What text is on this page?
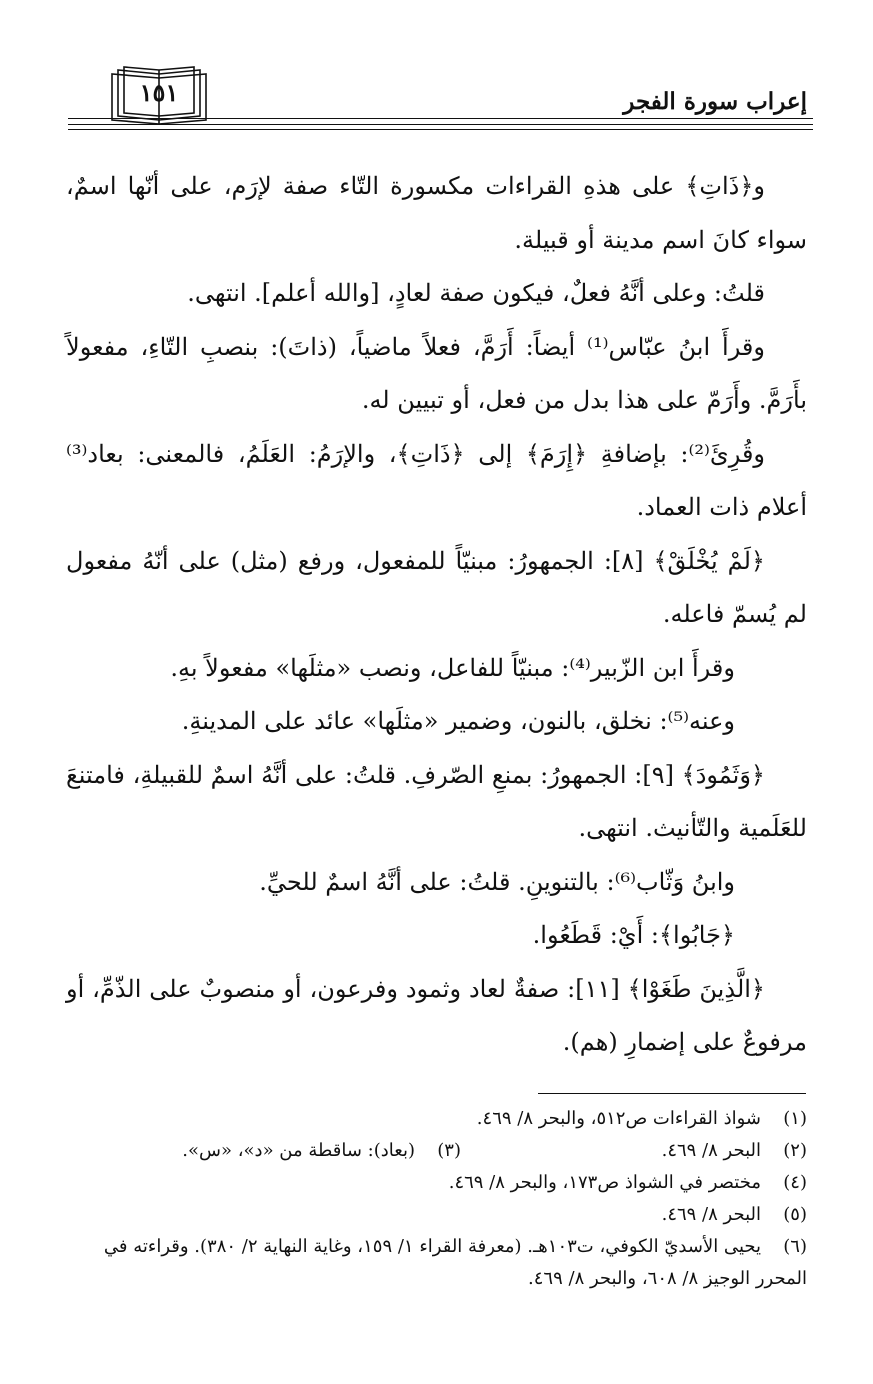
إعراب سورة الفجر
١٥١

و﴿ذَاتِ﴾ على هذهِ القراءات مكسورة التّاء صفة لإرَم، على أنّها اسمٌ، سواء كانَ اسم مدينة أو قبيلة.

قلتُ: وعلى أنَّهُ فعلٌ، فيكون صفة لعادٍ، [والله أعلم]. انتهى.

وقرأَ ابنُ عبّاس⁽¹⁾ أيضاً: أَرَمَّ، فعلاً ماضياً، (ذاتَ): بنصبِ التّاءِ، مفعولاً بأَرَمَّ. وأَرَمّ على هذا بدل من فعل، أو تبيين له.

وقُرِئَ⁽²⁾: بإضافةِ ﴿إِرَمَ﴾ إلى ﴿ذَاتِ﴾، والإرَمُ: العَلَمُ، فالمعنى: بعاد⁽³⁾ أعلام ذات العماد.

﴿لَمْ يُخْلَقْ﴾ [٨]: الجمهورُ: مبنيّاً للمفعول، ورفع (مثل) على أنّهُ مفعول لم يُسمّ فاعله.

وقرأَ ابن الزّبير⁽⁴⁾: مبنيّاً للفاعل، ونصب «مثلَها» مفعولاً بهِ.

وعنه⁽⁵⁾: نخلق، بالنون، وضمير «مثلَها» عائد على المدينةِ.

﴿وَثَمُودَ﴾ [٩]: الجمهورُ: بمنعِ الصّرفِ. قلتُ: على أنَّهُ اسمٌ للقبيلةِ، فامتنعَ للعَلَمية والتّأنيث. انتهى.

وابنُ وَثّاب⁽⁶⁾: بالتنوينِ. قلتُ: على أنَّهُ اسمٌ للحيِّ.

﴿جَابُوا﴾: أَيْ: قَطَعُوا.

﴿الَّذِينَ طَغَوْا﴾ [١١]: صفةٌ لعاد وثمود وفرعون، أو منصوبٌ على الذّمِّ، أو مرفوعٌ على إضمارِ (هم).

(١)
شواذ القراءات ص٥١٢، والبحر ٨/ ٤٦٩.
(٢)
البحر ٨/ ٤٦٩.
(٣)
(بعاد): ساقطة من «د»، «س».
(٤)
مختصر في الشواذ ص١٧٣، والبحر ٨/ ٤٦٩.
(٥)
البحر ٨/ ٤٦٩.
(٦)يحيى الأسديّ الكوفي، ت١٠٣هـ. (معرفة القراء ١/ ١٥٩، وغاية النهاية ٢/ ٣٨٠). وقراءته في المحرر الوجيز ٨/ ٦٠٨، والبحر ٨/ ٤٦٩.
